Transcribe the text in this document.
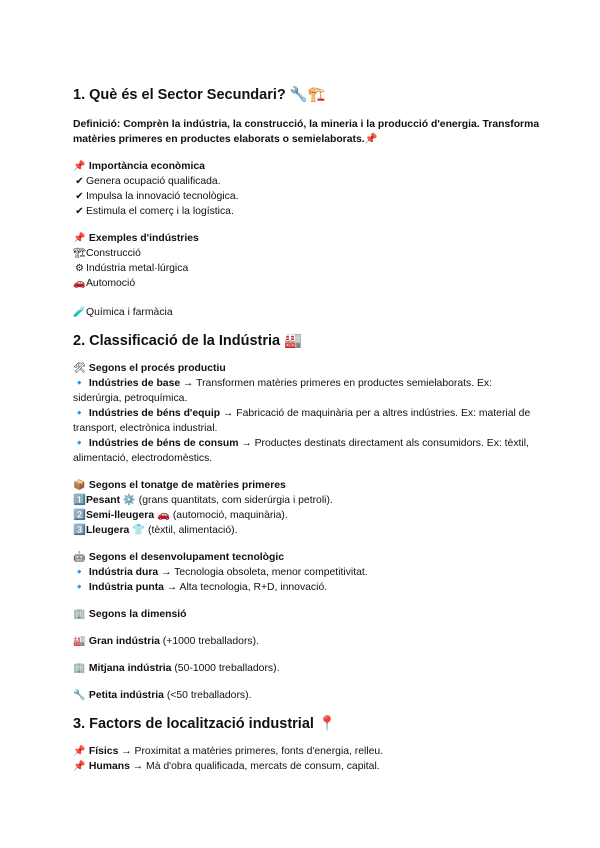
1. Què és el Sector Secundari? 🔧🏗️
Definició: Comprèn la indústria, la construcció, la mineria i la producció d'energia. Transforma matèries primeres en productes elaborats o semielaborats.📌
📌 Importància econòmica
✔ Genera ocupació qualificada.
✔ Impulsa la innovació tecnològica.
✔ Estimula el comerç i la logística.
📌 Exemples d'indústries
🏗Construcció
⚙ Indústria metal·lúrgica
🚗Automoció
🧪Química i farmàcia
2. Classificació de la Indústria 🏭
🛠 Segons el procés productiu
🔹 Indústries de base → Transformen matèries primeres en productes semielaborats. Ex: siderúrgia, petroquímica.
🔹 Indústries de béns d'equip → Fabricació de maquinària per a altres indústries. Ex: material de transport, electrònica industrial.
🔹 Indústries de béns de consum → Productes destinats directament als consumidors. Ex: tèxtil, alimentació, electrodomèstics.
📦 Segons el tonatge de matèries primeres
1️⃣Pesant ⚙️ (grans quantitats, com siderúrgia i petroli).
2️⃣Semi-lleugera 🚗 (automoció, maquinària).
3️⃣Lleugera 👕 (tèxtil, alimentació).
🤖 Segons el desenvolupament tecnològic
🔹 Indústria dura → Tecnologia obsoleta, menor competitivitat.
🔹 Indústria punta → Alta tecnologia, R+D, innovació.
🏢 Segons la dimensió
🏭 Gran indústria (+1000 treballadors).
🏢 Mitjana indústria (50-1000 treballadors).
🔧 Petita indústria (<50 treballadors).
3. Factors de localització industrial 📍
📌 Físics → Proximitat a matèries primeres, fonts d'energia, relleu.
📌 Humans → Mà d'obra qualificada, mercats de consum, capital.
